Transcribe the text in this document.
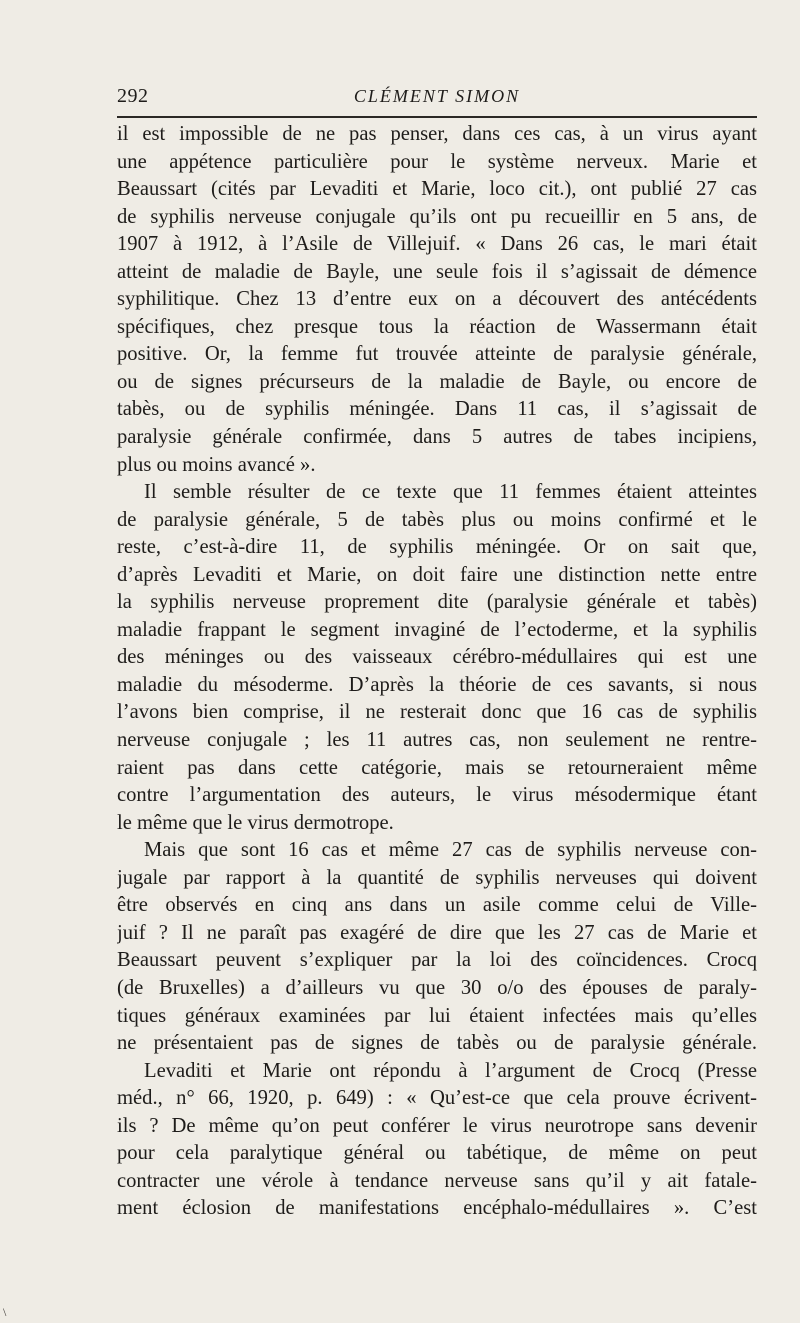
292	CLÉMENT SIMON
il est impossible de ne pas penser, dans ces cas, à un virus ayant
une appétence particulière pour le système nerveux. Marie et
Beaussart (cités par Levaditi et Marie, loco cit.), ont publié 27 cas
de syphilis nerveuse conjugale qu’ils ont pu recueillir en 5 ans, de
1907 à 1912, à l’Asile de Villejuif. « Dans 26 cas, le mari était
atteint de maladie de Bayle, une seule fois il s’agissait de démence
syphilitique. Chez 13 d’entre eux on a découvert des antécédents
spécifiques, chez presque tous la réaction de Wassermann était
positive. Or, la femme fut trouvée atteinte de paralysie générale,
ou de signes précurseurs de la maladie de Bayle, ou encore de
tabès, ou de syphilis méningée. Dans 11 cas, il s’agissait de
paralysie générale confirmée, dans 5 autres de tabes incipiens,
plus ou moins avancé ».
Il semble résulter de ce texte que 11 femmes étaient atteintes
de paralysie générale, 5 de tabès plus ou moins confirmé et le
reste, c’est-à-dire 11, de syphilis méningée. Or on sait que,
d’après Levaditi et Marie, on doit faire une distinction nette entre
la syphilis nerveuse proprement dite (paralysie générale et tabès)
maladie frappant le segment invaginé de l’ectoderme, et la syphilis
des méninges ou des vaisseaux cérébro-médullaires qui est une
maladie du mésoderme. D’après la théorie de ces savants, si nous
l’avons bien comprise, il ne resterait donc que 16 cas de syphilis
nerveuse conjugale ; les 11 autres cas, non seulement ne rentre-
raient pas dans cette catégorie, mais se retourneraient même
contre l’argumentation des auteurs, le virus mésodermique étant
le même que le virus dermotrope.
Mais que sont 16 cas et même 27 cas de syphilis nerveuse con-
jugale par rapport à la quantité de syphilis nerveuses qui doivent
être observés en cinq ans dans un asile comme celui de Ville-
juif ? Il ne paraît pas exagéré de dire que les 27 cas de Marie et
Beaussart peuvent s’expliquer par la loi des coïncidences. Crocq
(de Bruxelles) a d’ailleurs vu que 30 o/o des épouses de paraly-
tiques généraux examinées par lui étaient infectées mais qu’elles
ne présentaient pas de signes de tabès ou de paralysie générale.
Levaditi et Marie ont répondu à l’argument de Crocq (Presse
méd., n° 66, 1920, p. 649) : « Qu’est-ce que cela prouve écrivent-
ils ? De même qu’on peut conférer le virus neurotrope sans devenir
pour cela paralytique général ou tabétique, de même on peut
contracter une vérole à tendance nerveuse sans qu’il y ait fatale-
ment éclosion de manifestations encéphalo-médullaires ». C’est
\
